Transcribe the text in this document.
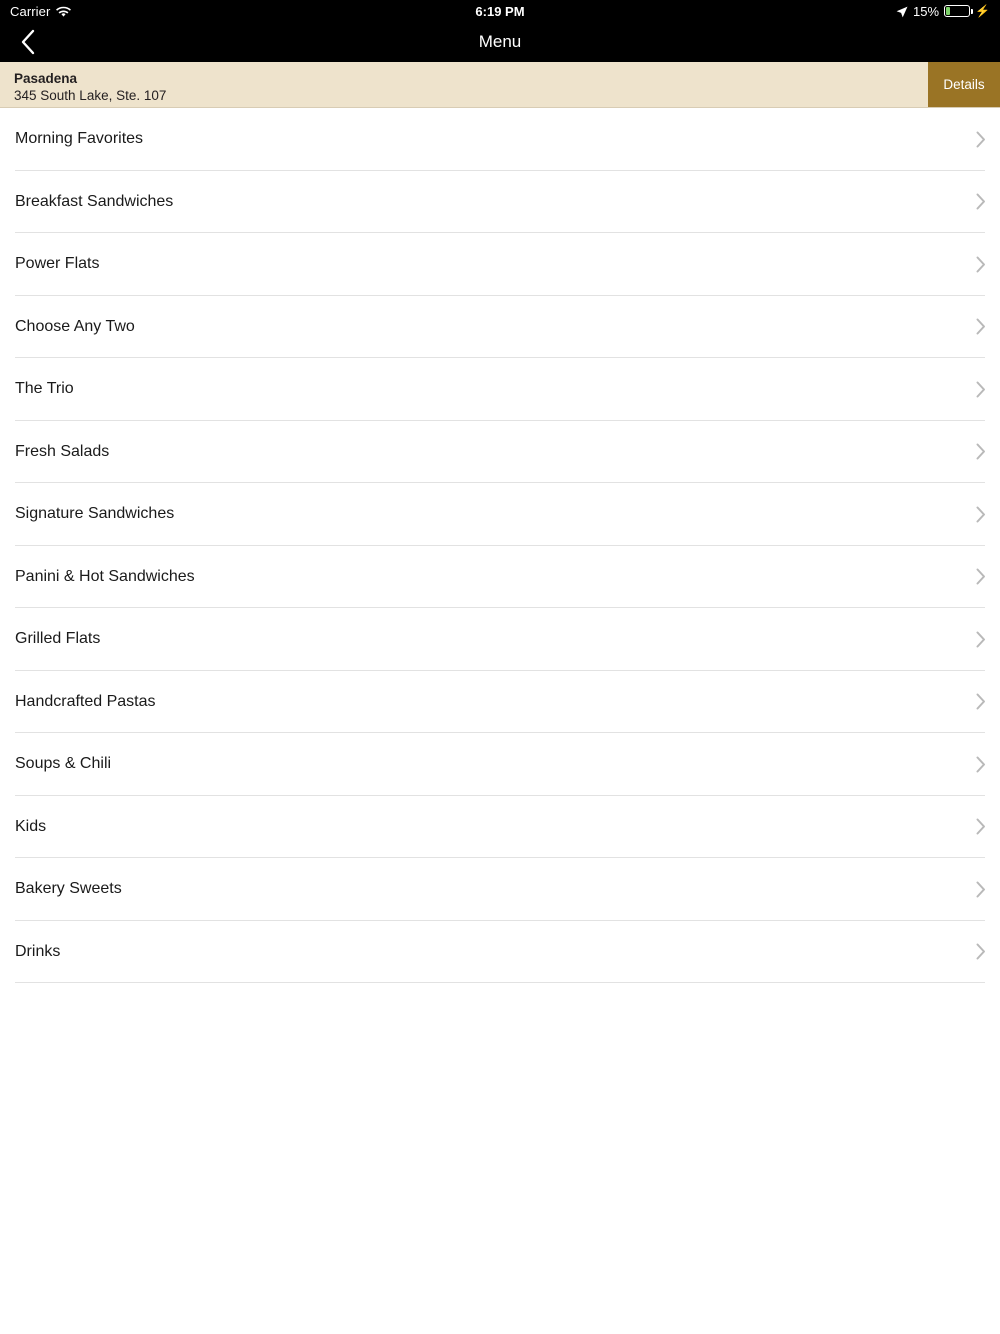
Carrier	6:19 PM	15%	⚡
Menu
Pasadena
345 South Lake, Ste. 107
Details
Morning Favorites
Breakfast Sandwiches
Power Flats
Choose Any Two
The Trio
Fresh Salads
Signature Sandwiches
Panini & Hot Sandwiches
Grilled Flats
Handcrafted Pastas
Soups & Chili
Kids
Bakery Sweets
Drinks
